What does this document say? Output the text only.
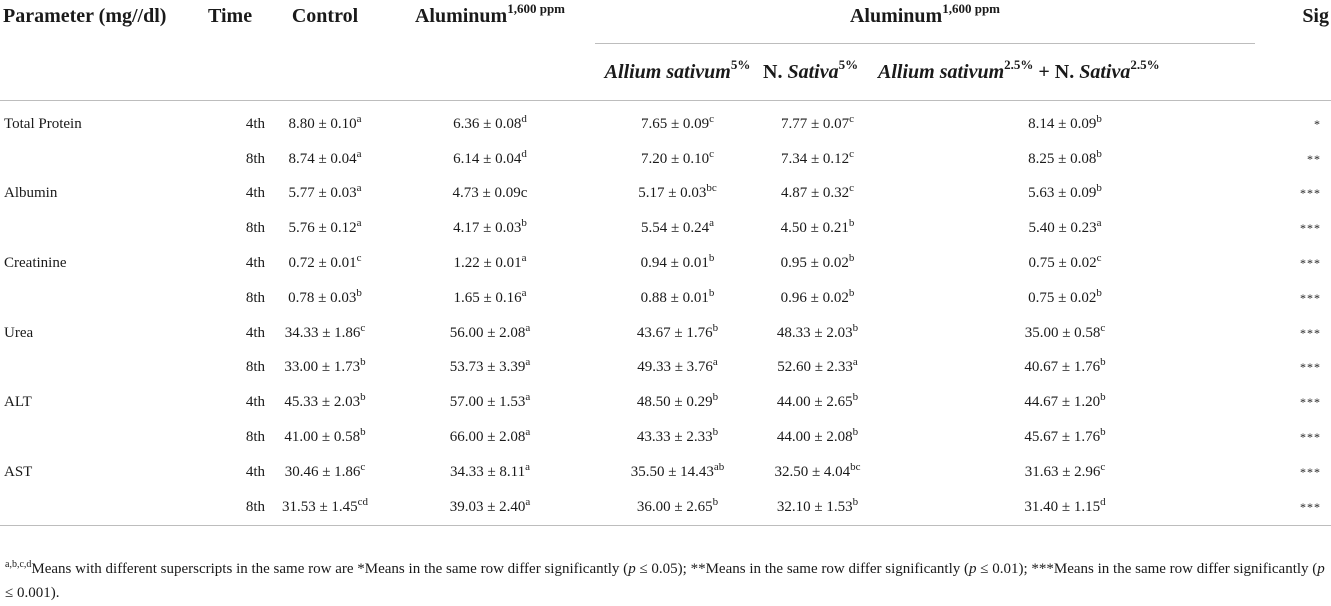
Parameter (mg//dl)	Time	Control	Aluminum$^{1,600 ppm}$	Aluminum$^{1,600 ppm}$			Sig
				Allium sativum$^{5\%}$	N. Sativa$^{5\%}$	Allium sativum$^{2.5\%}$ + N. Sativa$^{2.5\%}$	

Total Protein	4th	8.80 ± 0.10$^a$	6.36 ± 0.08$^d$	7.65 ± 0.09$^c$	7.77 ± 0.07$^c$	8.14 ± 0.09$^b$	*
	8th	8.74 ± 0.04$^a$	6.14 ± 0.04$^d$	7.20 ± 0.10$^c$	7.34 ± 0.12$^c$	8.25 ± 0.08$^b$	**
Albumin	4th	5.77 ± 0.03$^a$	4.73 ± 0.09c	5.17 ± 0.03$^{bc}$	4.87 ± 0.32$^c$	5.63 ± 0.09$^b$	***
	8th	5.76 ± 0.12$^a$	4.17 ± 0.03$^b$	5.54 ± 0.24$^a$	4.50 ± 0.21$^b$	5.40 ± 0.23$^a$	***
Creatinine	4th	0.72 ± 0.01$^c$	1.22 ± 0.01$^a$	0.94 ± 0.01$^b$	0.95 ± 0.02$^b$	0.75 ± 0.02$^c$	***
	8th	0.78 ± 0.03$^b$	1.65 ± 0.16$^a$	0.88 ± 0.01$^b$	0.96 ± 0.02$^b$	0.75 ± 0.02$^b$	***
Urea	4th	34.33 ± 1.86$^c$	56.00 ± 2.08$^a$	43.67 ± 1.76$^b$	48.33 ± 2.03$^b$	35.00 ± 0.58$^c$	***
	8th	33.00 ± 1.73$^b$	53.73 ± 3.39$^a$	49.33 ± 3.76$^a$	52.60 ± 2.33$^a$	40.67 ± 1.76$^b$	***
ALT	4th	45.33 ± 2.03$^b$	57.00 ± 1.53$^a$	48.50 ± 0.29$^b$	44.00 ± 2.65$^b$	44.67 ± 1.20$^b$	***
	8th	41.00 ± 0.58$^b$	66.00 ± 2.08$^a$	43.33 ± 2.33$^b$	44.00 ± 2.08$^b$	45.67 ± 1.76$^b$	***
AST	4th	30.46 ± 1.86$^c$	34.33 ± 8.11$^a$	35.50 ± 14.43$^{ab}$	32.50 ± 4.04$^{bc}$	31.63 ± 2.96$^c$	***
	8th	31.53 ± 1.45$^{cd}$	39.03 ± 2.40$^a$	36.00 ± 2.65$^b$	32.10 ± 1.53$^b$	31.40 ± 1.15$^d$	***

$^{a,b,c,d}$Means with different superscripts in the same row are *Means in the same row differ significantly (p ≤ 0.05); **Means in the same row differ significantly (p ≤ 0.01); ***Means in the same row differ significantly (p ≤ 0.001).
